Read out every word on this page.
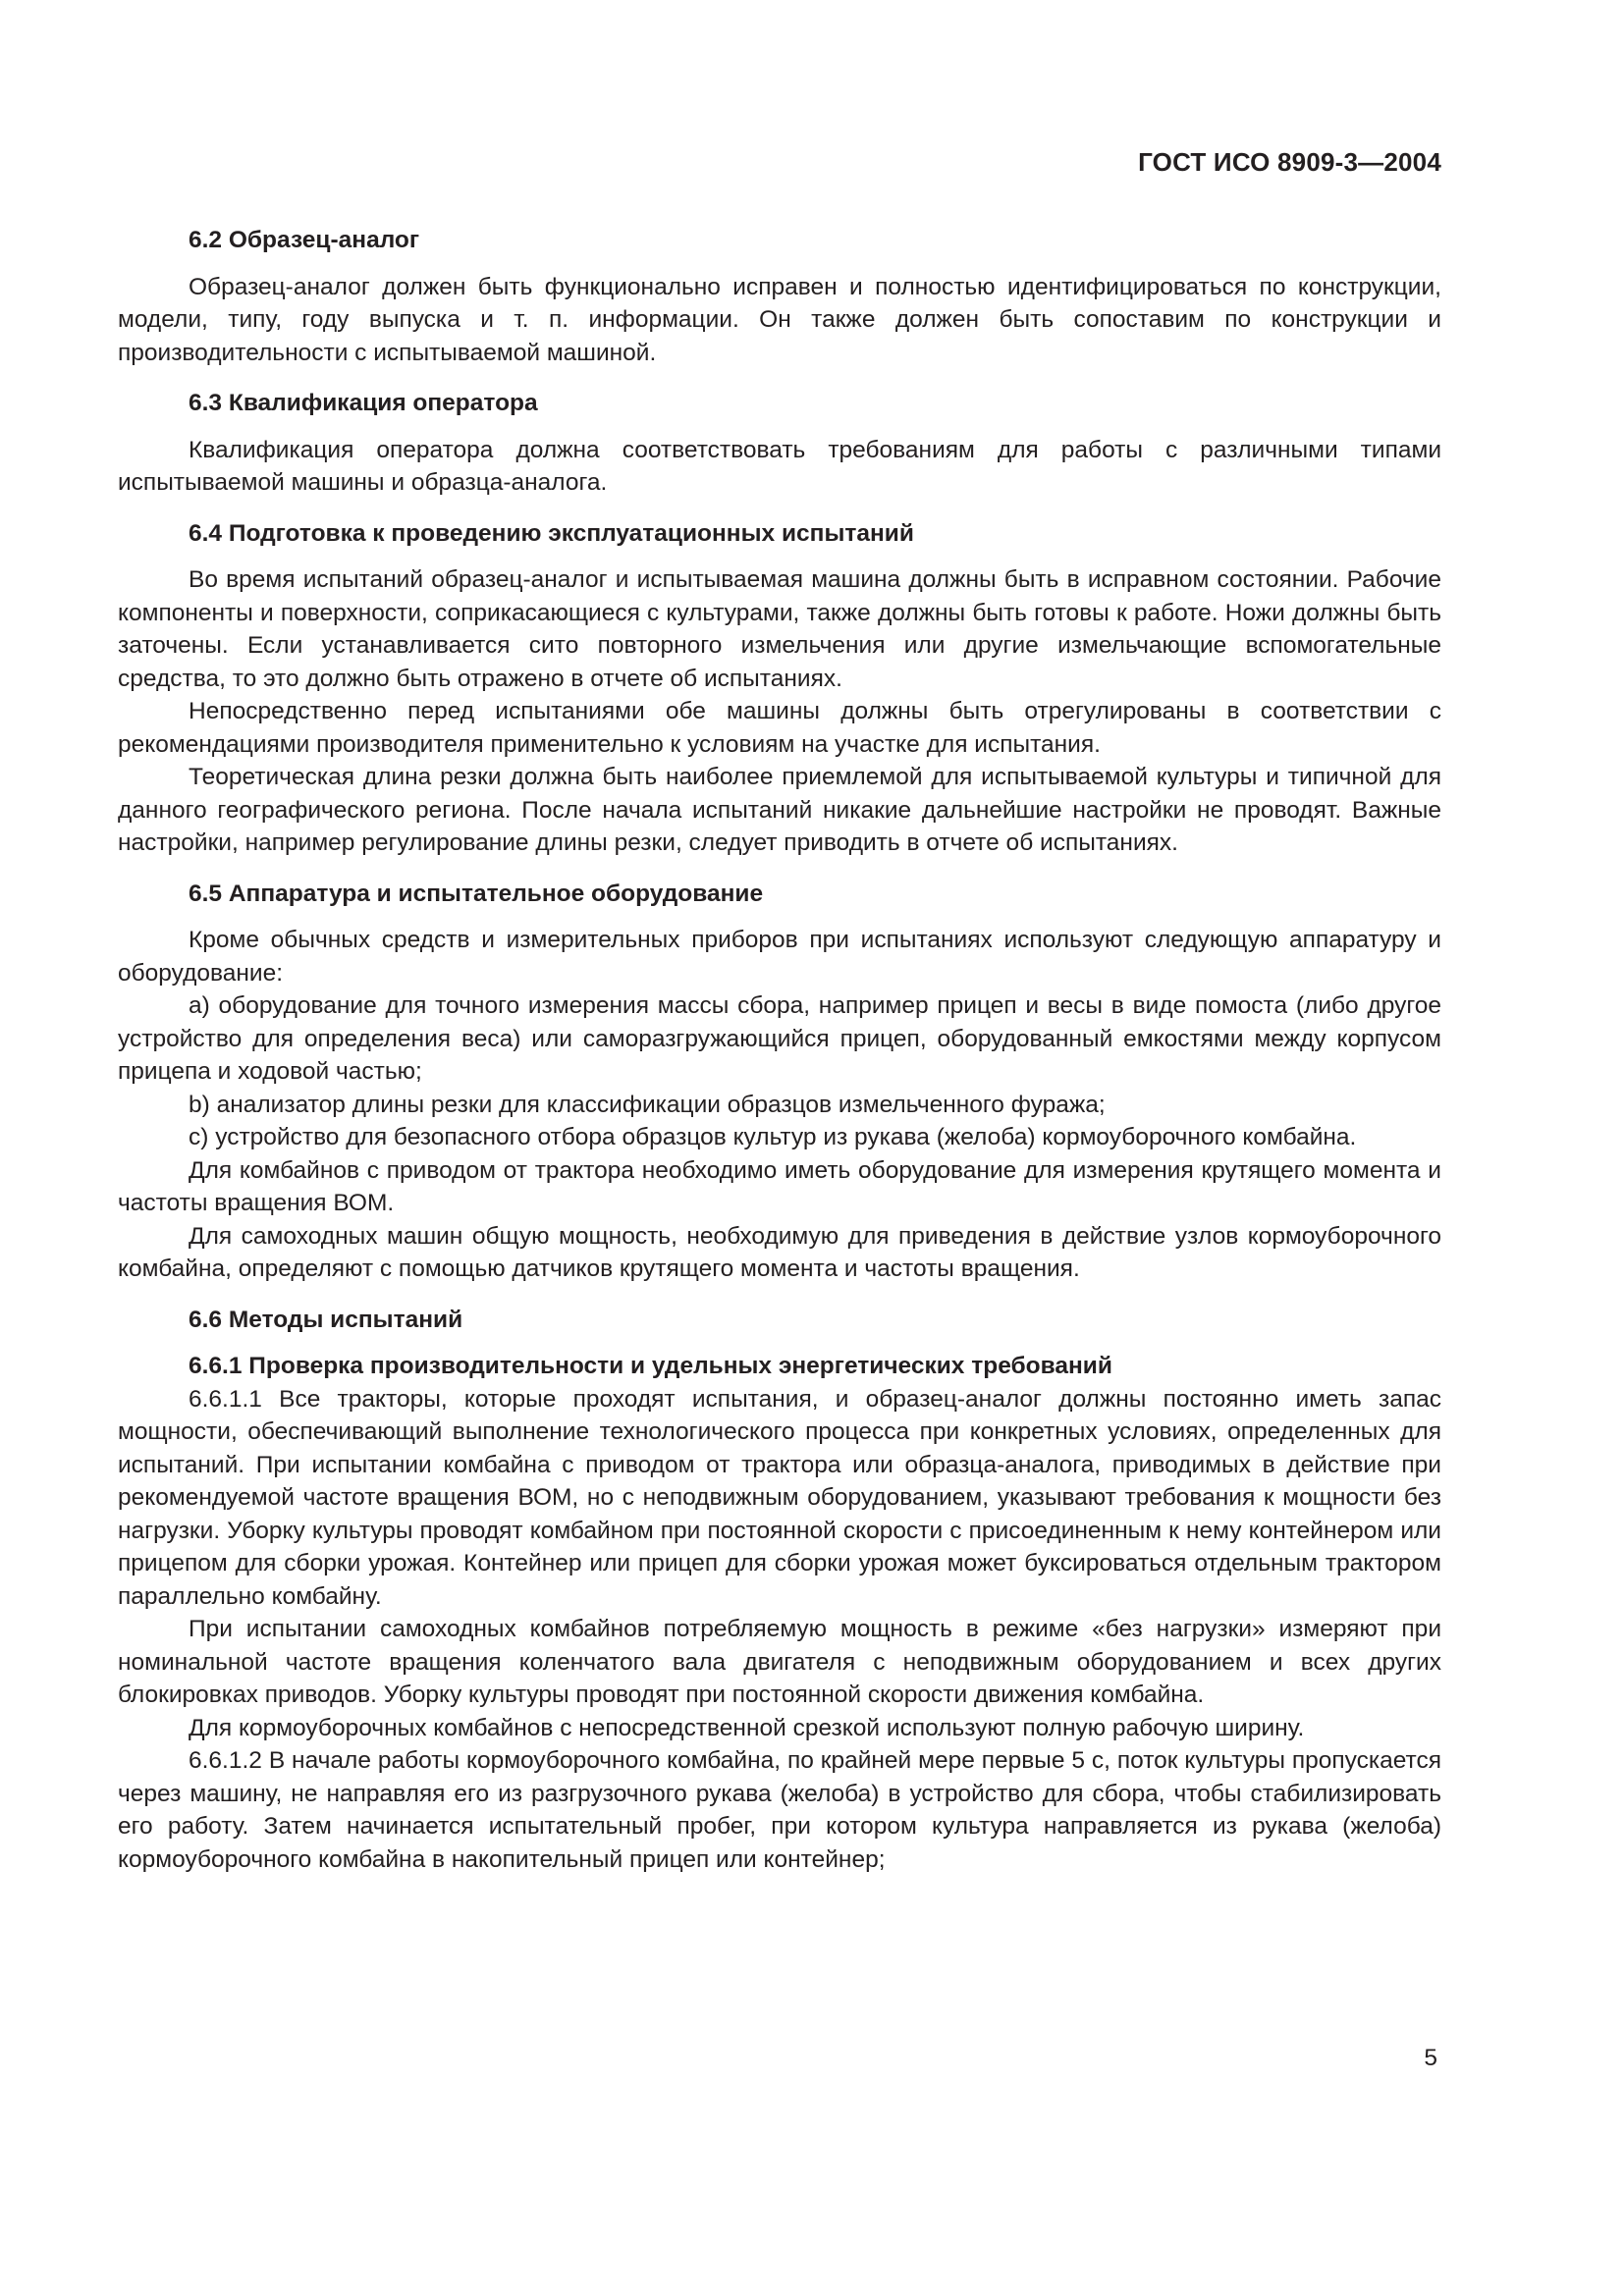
ГОСТ ИСО 8909-3—2004
6.2 Образец-аналог

Образец-аналог должен быть функционально исправен и полностью идентифицироваться по конструкции, модели, типу, году выпуска и т. п. информации. Он также должен быть сопоставим по конструкции и производительности с испытываемой машиной.

6.3 Квалификация оператора

Квалификация оператора должна соответствовать требованиям для работы с различными типами испытываемой машины и образца-аналога.

6.4 Подготовка к проведению эксплуатационных испытаний

Во время испытаний образец-аналог и испытываемая машина должны быть в исправном состоянии. Рабочие компоненты и поверхности, соприкасающиеся с культурами, также должны быть готовы к работе. Ножи должны быть заточены. Если устанавливается сито повторного измельчения или другие измельчающие вспомогательные средства, то это должно быть отражено в отчете об испытаниях.

Непосредственно перед испытаниями обе машины должны быть отрегулированы в соответствии с рекомендациями производителя применительно к условиям на участке для испытания.

Теоретическая длина резки должна быть наиболее приемлемой для испытываемой культуры и типичной для данного географического региона. После начала испытаний никакие дальнейшие настройки не проводят. Важные настройки, например регулирование длины резки, следует приводить в отчете об испытаниях.

6.5 Аппаратура и испытательное оборудование

Кроме обычных средств и измерительных приборов при испытаниях используют следующую аппаратуру и оборудование:

a) оборудование для точного измерения массы сбора, например прицеп и весы в виде помоста (либо другое устройство для определения веса) или саморазгружающийся прицеп, оборудованный емкостями между корпусом прицепа и ходовой частью;

b) анализатор длины резки для классификации образцов измельченного фуража;

c) устройство для безопасного отбора образцов культур из рукава (желоба) кормоуборочного комбайна.

Для комбайнов с приводом от трактора необходимо иметь оборудование для измерения крутящего момента и частоты вращения ВОМ.

Для самоходных машин общую мощность, необходимую для приведения в действие узлов кормоуборочного комбайна, определяют с помощью датчиков крутящего момента и частоты вращения.

6.6 Методы испытаний
6.6.1 Проверка производительности и удельных энергетических требований

6.6.1.1 Все тракторы, которые проходят испытания, и образец-аналог должны постоянно иметь запас мощности, обеспечивающий выполнение технологического процесса при конкретных условиях, определенных для испытаний. При испытании комбайна с приводом от трактора или образца-аналога, приводимых в действие при рекомендуемой частоте вращения ВОМ, но с неподвижным оборудованием, указывают требования к мощности без нагрузки. Уборку культуры проводят комбайном при постоянной скорости с присоединенным к нему контейнером или прицепом для сборки урожая. Контейнер или прицеп для сборки урожая может буксироваться отдельным трактором параллельно комбайну.

При испытании самоходных комбайнов потребляемую мощность в режиме «без нагрузки» измеряют при номинальной частоте вращения коленчатого вала двигателя с неподвижным оборудованием и всех других блокировках приводов. Уборку культуры проводят при постоянной скорости движения комбайна.

Для кормоуборочных комбайнов с непосредственной срезкой используют полную рабочую ширину.

6.6.1.2 В начале работы кормоуборочного комбайна, по крайней мере первые 5 с, поток культуры пропускается через машину, не направляя его из разгрузочного рукава (желоба) в устройство для сбора, чтобы стабилизировать его работу. Затем начинается испытательный пробег, при котором культура направляется из рукава (желоба) кормоуборочного комбайна в накопительный прицеп или контейнер;

5
